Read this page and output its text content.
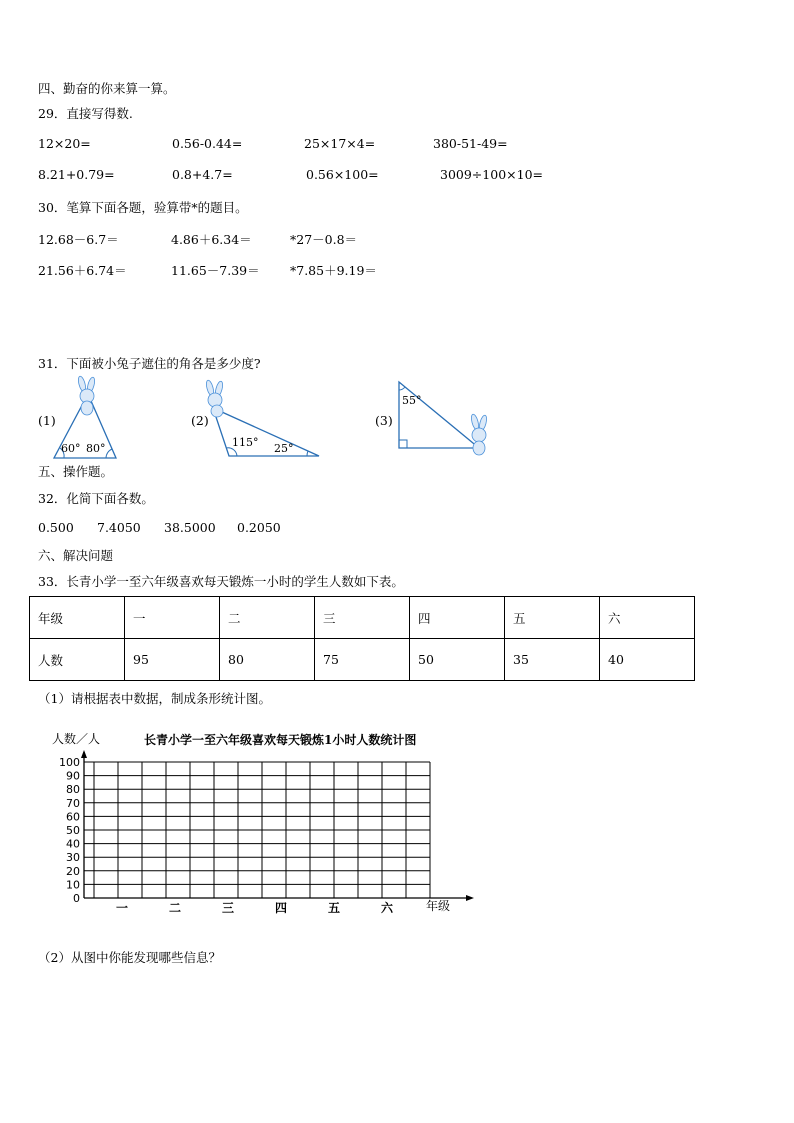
四、勤奋的你来算一算。
29．直接写得数.
12×20=	0.56-0.44=	25×17×4=	380-51-49=
8.21+0.79=	0.8+4.7=	0.56×100=	3009÷100×10=
30．笔算下面各题，验算带*的题目。
12.68－6.7＝	4.86＋6.34＝	*27－0.8＝
21.56＋6.74＝	11.65－7.39＝ *7.85＋9.19＝
31．下面被小兔子遮住的角各是多少度?
(1)
60° 80°
(2)
115° 25°
(3)
55°
五、操作题。
32．化简下面各数。
0.500 7.4050 38.5000 0.2050
六、解决问题
33．长青小学一至六年级喜欢每天锻炼一小时的学生人数如下表。
年级	一	二	三	四	五	六
人数	95	80	75	50	35	40
（1）请根据表中数据，制成条形统计图。
人数／人	长青小学一至六年级喜欢每天锻炼1小时人数统计图
0
10
20
30
40
50
60
70
80
90
100
一	二	三	四	五	六	年级
（2）从图中你能发现哪些信息？
